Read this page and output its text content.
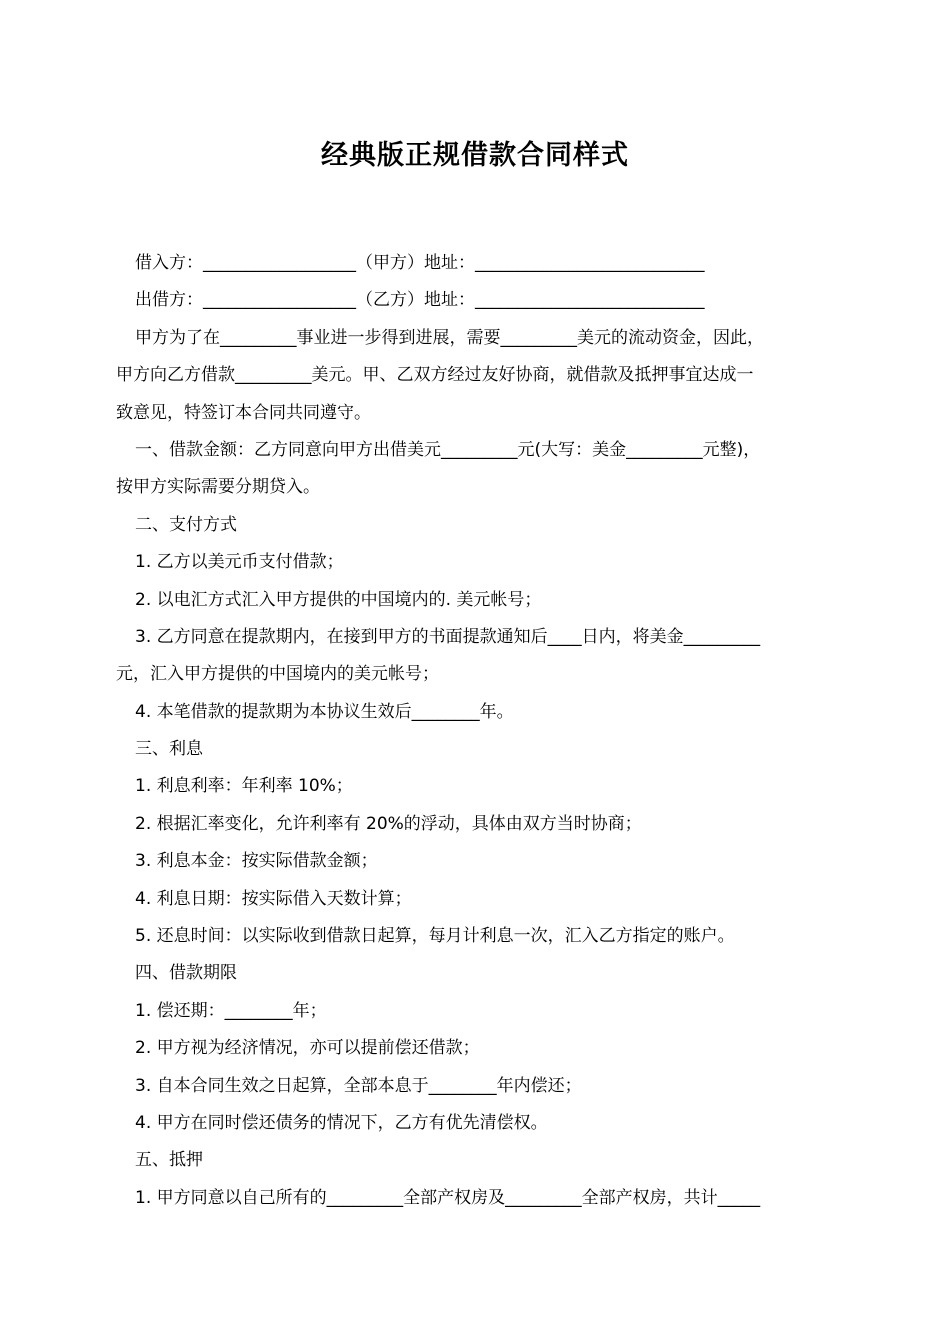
经典版正规借款合同样式
借入方：__________________（甲方）地址：___________________________
出借方：__________________（乙方）地址：___________________________
甲方为了在_________事业进一步得到进展，需要_________美元的流动资金，因此，
甲方向乙方借款_________美元。甲、乙双方经过友好协商，就借款及抵押事宜达成一
致意见，特签订本合同共同遵守。
一、借款金额：乙方同意向甲方出借美元_________元(大写：美金_________元整)，
按甲方实际需要分期贷入。
二、支付方式
1. 乙方以美元币支付借款；
2. 以电汇方式汇入甲方提供的中国境内的. 美元帐号；
3. 乙方同意在提款期内，在接到甲方的书面提款通知后____日内，将美金_________
元，汇入甲方提供的中国境内的美元帐号；
4. 本笔借款的提款期为本协议生效后________年。
三、利息
1. 利息利率：年利率 10%；
2. 根据汇率变化，允许利率有 20%的浮动，具体由双方当时协商；
3. 利息本金：按实际借款金额；
4. 利息日期：按实际借入天数计算；
5. 还息时间：以实际收到借款日起算，每月计利息一次，汇入乙方指定的账户。
四、借款期限
1. 偿还期：________年；
2. 甲方视为经济情况，亦可以提前偿还借款；
3. 自本合同生效之日起算，全部本息于________年内偿还；
4. 甲方在同时偿还债务的情况下，乙方有优先清偿权。
五、抵押
1. 甲方同意以自己所有的_________全部产权房及_________全部产权房，共计_____
